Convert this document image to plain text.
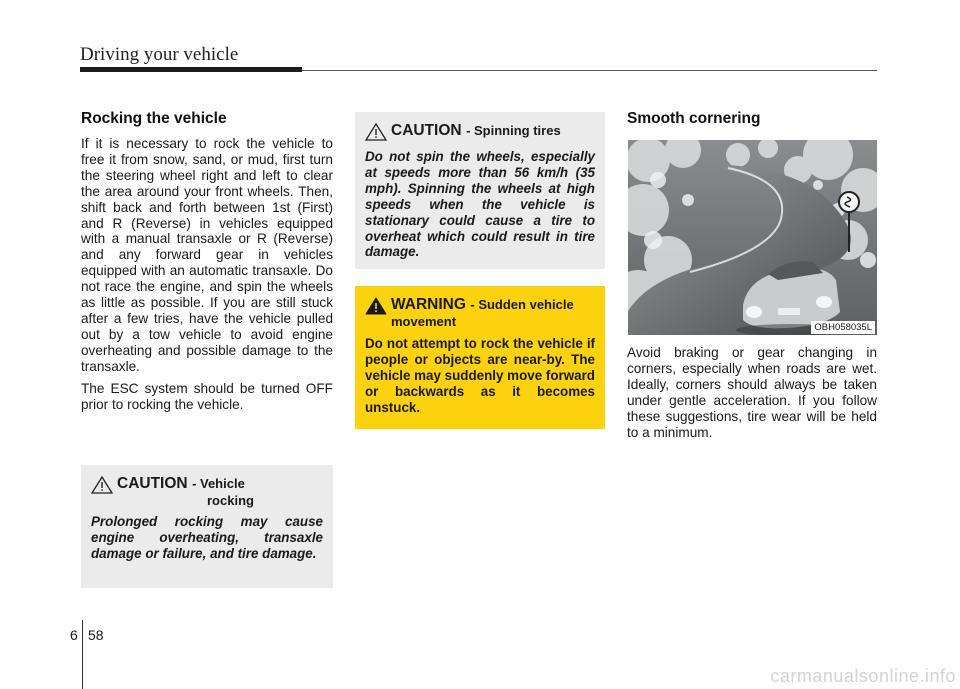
Driving your vehicle
Rocking the vehicle

If it is necessary to rock the vehicle to free it from snow, sand, or mud, first turn the steering wheel right and left to clear the area around your front wheels. Then, shift back and forth between 1st (First) and R (Reverse) in vehicles equipped with a manual transaxle or R (Reverse) and any forward gear in vehicles equipped with an automatic transaxle. Do not race the engine, and spin the wheels as little as possible. If you are still stuck after a few tries, have the vehicle pulled out by a tow vehicle to avoid engine overheating and possible damage to the transaxle.

The ESC system should be turned OFF prior to rocking the vehicle.

CAUTION - Vehicle
rocking
Prolonged rocking may cause engine overheating, transaxle damage or failure, and tire damage.
CAUTION - Spinning tires
Do not spin the wheels, especially at speeds more than 56 km/h (35 mph). Spinning the wheels at high speeds when the vehicle is stationary could cause a tire to overheat which could result in tire damage.
WARNING - Sudden vehicle movement
Do not attempt to rock the vehicle if people or objects are near-by. The vehicle may suddenly move forward or backwards as it becomes unstuck.
Smooth cornering
OBH058035L
Avoid braking or gear changing in corners, especially when roads are wet. Ideally, corners should always be taken under gentle acceleration. If you follow these suggestions, tire wear will be held to a minimum.
6 58
carmanualsonline.info
